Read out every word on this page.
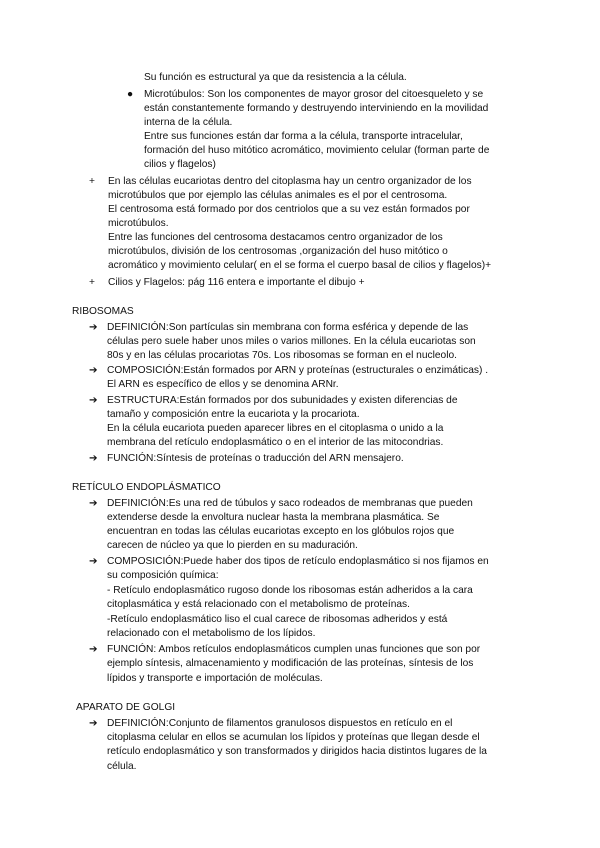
Su función es estructural ya que da resistencia a la célula.
● Microtúbulos: Son los componentes de mayor grosor del citoesqueleto y se
están constantemente formando y destruyendo interviniendo en la movilidad
interna de la célula.
Entre sus funciones están dar forma a la célula, transporte intracelular,
formación del huso mitótico acromático, movimiento celular (forman parte de
cilios y flagelos)
+ En las células eucariotas dentro del citoplasma hay un centro organizador de los
microtúbulos que por ejemplo las células animales es el por el centrosoma.
El centrosoma está formado por dos centriolos que a su vez están formados por
microtúbulos.
Entre las funciones del centrosoma destacamos centro organizador de los
microtúbulos, división de los centrosomas ,organización del huso mitótico o
acromático y movimiento celular( en el se forma el cuerpo basal de cilios y flagelos)+
+ Cilios y Flagelos: pág 116 entera e importante el dibujo +
RIBOSOMAS
➔ DEFINICIÓN:Son partículas sin membrana con forma esférica y depende de las
células pero suele haber unos miles o varios millones. En la célula eucariotas son
80s y en las células procariotas 70s. Los ribosomas se forman en el nucleolo.
➔ COMPOSICIÓN:Están formados por ARN y proteínas (estructurales o enzimáticas) .
El ARN es específico de ellos y se denomina ARNr.
➔ ESTRUCTURA:Están formados por dos subunidades y existen diferencias de
tamaño y composición entre la eucariota y la procariota.
En la célula eucariota pueden aparecer libres en el citoplasma o unido a la
membrana del retículo endoplasmático o en el interior de las mitocondrias.
➔ FUNCIÓN:Síntesis de proteínas o traducción del ARN mensajero.
RETÍCULO ENDOPLÁSMATICO
➔ DEFINICIÓN:Es una red de túbulos y saco rodeados de membranas que pueden
extenderse desde la envoltura nuclear hasta la membrana plasmática. Se
encuentran en todas las células eucariotas excepto en los glóbulos rojos que
carecen de núcleo ya que lo pierden en su maduración.
➔ COMPOSICIÓN:Puede haber dos tipos de retículo endoplasmático si nos fijamos en
su composición química:
- Retículo endoplasmático rugoso donde los ribosomas están adheridos a la cara
citoplasmática y está relacionado con el metabolismo de proteínas.
-Retículo endoplasmático liso el cual carece de ribosomas adheridos y está
relacionado con el metabolismo de los lípidos.
➔ FUNCIÓN: Ambos retículos endoplasmáticos cumplen unas funciones que son por
ejemplo síntesis, almacenamiento y modificación de las proteínas, síntesis de los
lípidos y transporte e importación de moléculas.
APARATO DE GOLGI
➔ DEFINICIÓN:Conjunto de filamentos granulosos dispuestos en retículo en el
citoplasma celular en ellos se acumulan los lípidos y proteínas que llegan desde el
retículo endoplasmático y son transformados y dirigidos hacia distintos lugares de la
célula.
